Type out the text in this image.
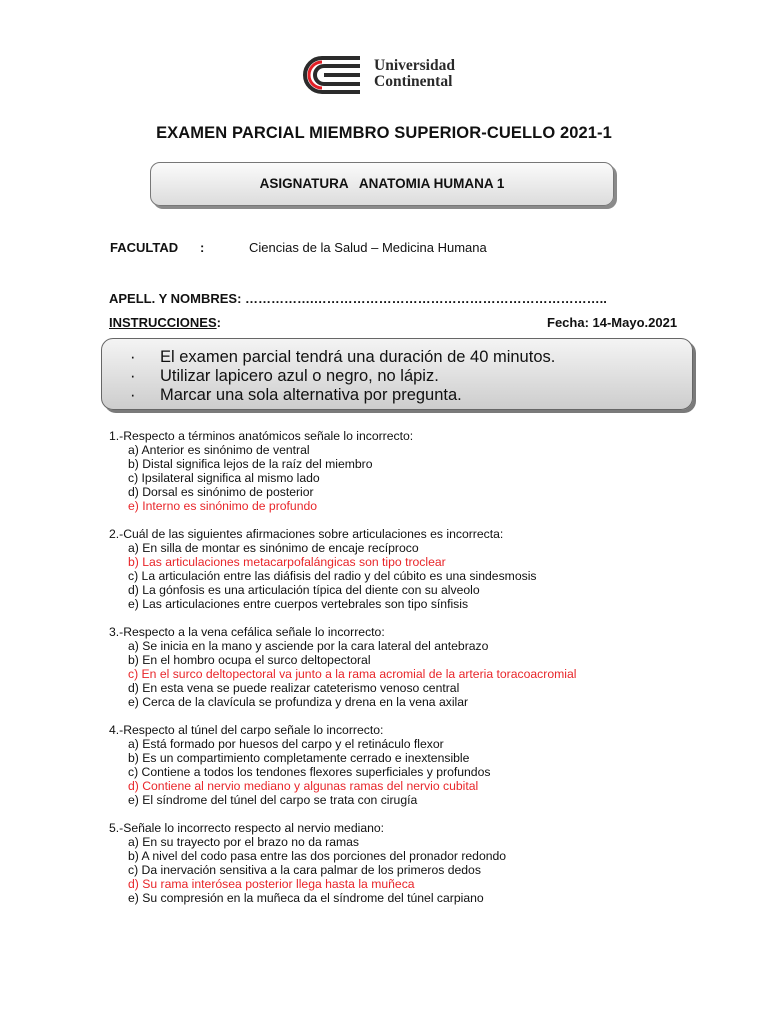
Universidad
Continental
EXAMEN PARCIAL MIEMBRO SUPERIOR-CUELLO 2021-1
ASIGNATURA   ANATOMIA HUMANA 1
FACULTAD :	Ciencias de la Salud – Medicina Humana
APELL. Y NOMBRES: …………….…………………………………………………………..
INSTRUCCIONES:	Fecha: 14-Mayo.2021
· El examen parcial tendrá una duración de 40 minutos.
· Utilizar lapicero azul o negro, no lápiz.
· Marcar una sola alternativa por pregunta.
1.-Respecto a términos anatómicos señale lo incorrecto:
a) Anterior es sinónimo de ventral
b) Distal significa lejos de la raíz del miembro
c) Ipsilateral significa al mismo lado
d) Dorsal es sinónimo de posterior
e) Interno es sinónimo de profundo
2.-Cuál de las siguientes afirmaciones sobre articulaciones es incorrecta:
a) En silla de montar es sinónimo de encaje recíproco
b) Las articulaciones metacarpofalángicas son tipo troclear
c) La articulación entre las diáfisis del radio y del cúbito es una sindesmosis
d) La gónfosis es una articulación típica del diente con su alveolo
e) Las articulaciones entre cuerpos vertebrales son tipo sínfisis
3.-Respecto a la vena cefálica señale lo incorrecto:
a) Se inicia en la mano y asciende por la cara lateral del antebrazo
b) En el hombro ocupa el surco deltopectoral
c) En el surco deltopectoral va junto a la rama acromial de la arteria toracoacromial
d) En esta vena se puede realizar cateterismo venoso central
e) Cerca de la clavícula se profundiza y drena en la vena axilar
4.-Respecto al túnel del carpo señale lo incorrecto:
a) Está formado por huesos del carpo y el retináculo flexor
b) Es un compartimiento completamente cerrado e inextensible
c) Contiene a todos los tendones flexores superficiales y profundos
d) Contiene al nervio mediano y algunas ramas del nervio cubital
e) El síndrome del túnel del carpo se trata con cirugía
5.-Señale lo incorrecto respecto al nervio mediano:
a) En su trayecto por el brazo no da ramas
b) A nivel del codo pasa entre las dos porciones del pronador redondo
c) Da inervación sensitiva a la cara palmar de los primeros dedos
d) Su rama interósea posterior llega hasta la muñeca
e) Su compresión en la muñeca da el síndrome del túnel carpiano
